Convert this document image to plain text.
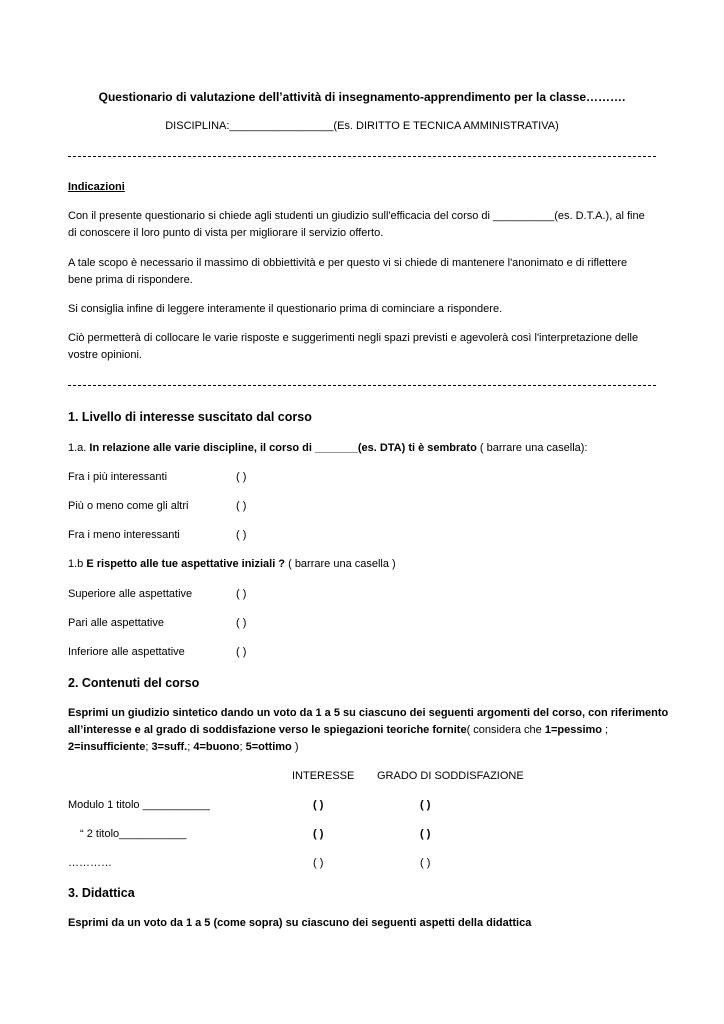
Questionario di valutazione dell’attività di insegnamento-apprendimento per la classe……….
DISCIPLINA:_________________(Es. DIRITTO E TECNICA AMMINISTRATIVA)
Indicazioni
Con il presente questionario si chiede agli studenti un giudizio sull'efficacia del corso di __________(es. D.T.A.), al fine
di conoscere il loro punto di vista per migliorare il servizio offerto.
A tale scopo è necessario il massimo di obbiettività e per questo vi si chiede di mantenere l'anonimato e di riflettere
bene prima di rispondere.
Si consiglia infine di leggere interamente il questionario prima di cominciare a rispondere.
Ciò permetterà di collocare le varie risposte e suggerimenti negli spazi previsti e agevolerà così l'interpretazione delle
vostre opinioni.
1. Livello di interesse suscitato dal corso
1.a. In relazione alle varie discipline, il corso di _______(es. DTA) ti è sembrato ( barrare una casella):
Fra i più interessanti	( )
Più o meno come gli altri	( )
Fra i meno interessanti	( )
1.b E rispetto alle tue aspettative iniziali ? ( barrare una casella )
Superiore alle aspettative	( )
Pari alle aspettative	( )
Inferiore alle aspettative	( )
2. Contenuti del corso
Esprimi un giudizio sintetico dando un voto da 1 a 5 su ciascuno dei seguenti argomenti del corso, con riferimento
all’interesse e al grado di soddisfazione verso le spiegazioni teoriche fornite( considera che 1=pessimo ;
2=insufficiente; 3=suff.; 4=buono; 5=ottimo )
INTERESSE GRADO DI SODDISFAZIONE
Modulo 1 titolo ___________	( )	( )
“ 2 titolo___________	( )	( )
…………	( )	( )
3. Didattica
Esprimi da un voto da 1 a 5 (come sopra) su ciascuno dei seguenti aspetti della didattica
